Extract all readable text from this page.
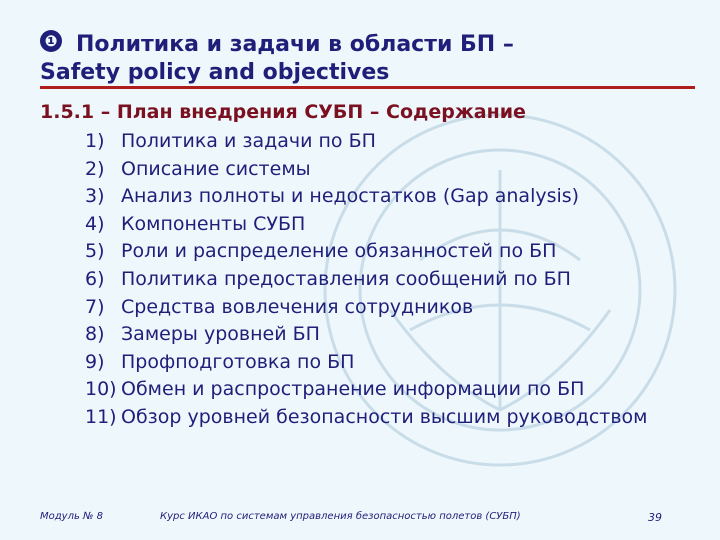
❶ Политика и задачи в области БП –
Safety policy and objectives
1.5.1 – План внедрения СУБП – Содержание
1) Политика и задачи по БП
2) Описание системы
3) Анализ полноты и недостатков (Gap analysis)
4) Компоненты СУБП
5) Роли и распределение обязанностей по БП
6) Политика предоставления сообщений по БП
7) Средства вовлечения сотрудников
8) Замеры уровней БП
9) Профподготовка по БП
10) Обмен и распространение информации по БП
11) Обзор уровней безопасности высшим руководством
Модуль № 8	Курс ИКАО по системам управления безопасностью полетов (СУБП)	39
